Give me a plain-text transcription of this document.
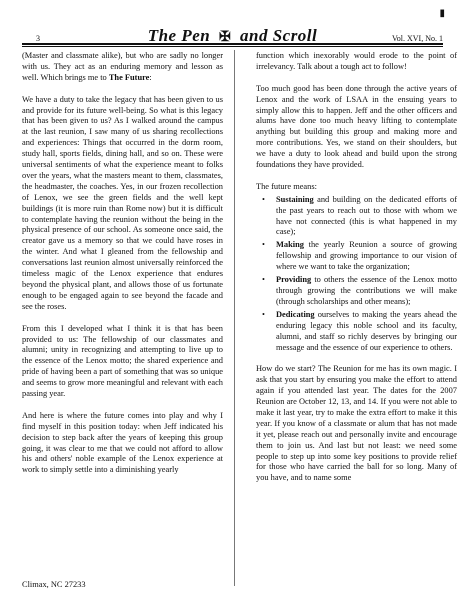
3	The Pen ✠ and Scroll	Vol. XVI, No. 1
▮

(Master and classmate alike), but who are sadly no longer with us. They act as an enduring memory and lesson as well. Which brings me to The Future:

We have a duty to take the legacy that has been given to us and provide for its future well-being. So what is this legacy that has been given to us? As I walked around the campus at the last reunion, I saw many of us sharing recollections and experiences: Things that occurred in the dorm room, study hall, sports fields, dining hall, and so on. These were universal sentiments of what the experience meant to folks over the years, what the masters meant to them, classmates, the headmaster, the coaches. Yes, in our frozen recollection of Lenox, we see the green fields and the well kept buildings (it is more ruin than Rome now) but it is difficult to contemplate having the reunion without the being in the physical presence of our school. As someone once said, the creator gave us a memory so that we could have roses in the winter. And what I gleaned from the fellowship and conversations last reunion almost universally reinforced the timeless magic of the Lenox experience that endures beyond the physical plant, and allows those of us fortunate enough to be engaged again to see beyond the facade and see the roses.

From this I developed what I think it is that has been provided to us: The fellowship of our classmates and alumni; unity in recognizing and attempting to live up to the essence of the Lenox motto; the shared experience and pride of having been a part of something that was so unique and seems to grow more meaningful and relevant with each passing year.

And here is where the future comes into play and why I find myself in this position today: when Jeff indicated his decision to step back after the years of keeping this group going, it was clear to me that we could not afford to allow his and others' noble example of the Lenox experience at work to simply settle into a diminishing yearly

function which inexorably would erode to the point of irrelevancy. Talk about a tough act to follow!

Too much good has been done through the active years of Lenox and the work of LSAA in the ensuing years to simply allow this to happen. Jeff and the other officers and alums have done too much heavy lifting to contemplate anything but building this group and making more and more contributions. Yes, we stand on their shoulders, but we have a duty to look ahead and build upon the strong foundations they have provided.

The future means:

• Sustaining and building on the dedicated efforts of the past years to reach out to those with whom we have not connected (this is what happened in my case);
• Making the yearly Reunion a source of growing fellowship and growing importance to our vision of where we want to take the organization;
• Providing to others the essence of the Lenox motto through growing the contributions we will make (through scholarships and other means);
• Dedicating ourselves to making the years ahead the enduring legacy this noble school and its faculty, alumni, and staff so richly deserves by bringing our message and the essence of our experience to others.

How do we start? The Reunion for me has its own magic. I ask that you start by ensuring you make the effort to attend again if you attended last year. The dates for the 2007 Reunion are October 12, 13, and 14. If you were not able to make it last year, try to make the extra effort to make it this year. If you know of a classmate or alum that has not made it yet, please reach out and personally invite and encourage them to join us. And last but not least: we need some people to step up into some key positions to provide relief for those who have carried the ball for so long. Many of you have, and to name some

Climax, NC 27233
